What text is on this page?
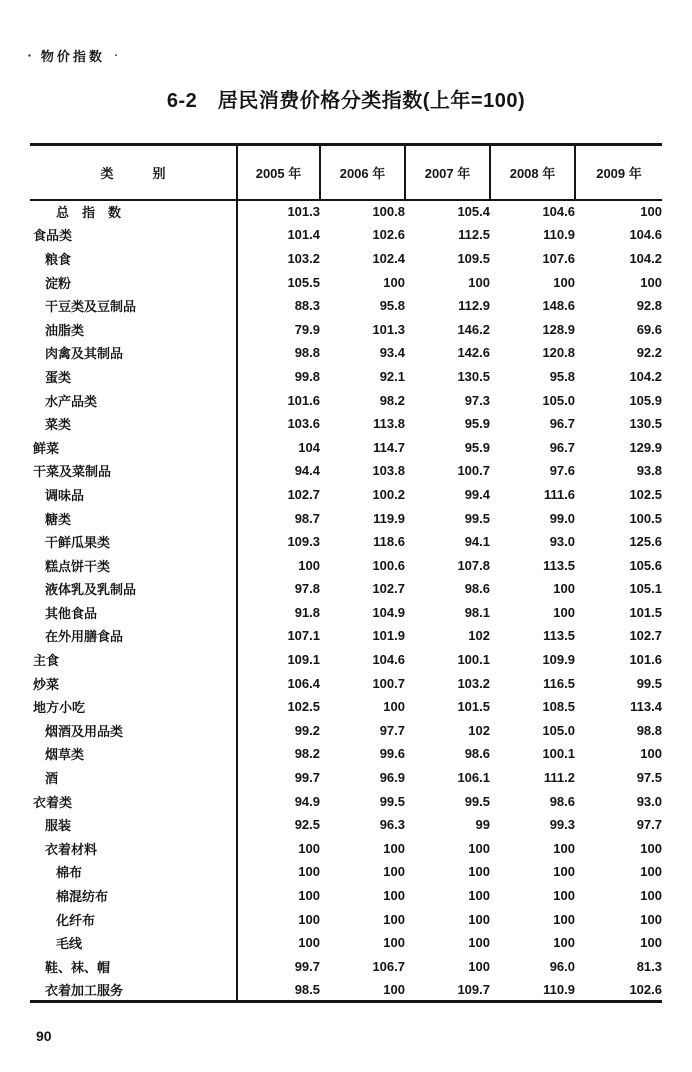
▪ 物价指数 ▪
6-2　居民消费价格分类指数(上年=100)
类　　　别	2005 年	2006 年	2007 年	2008 年	2009 年
总　指　数	101.3	100.8	105.4	104.6	100
食品类	101.4	102.6	112.5	110.9	104.6
粮食	103.2	102.4	109.5	107.6	104.2
淀粉	105.5	100	100	100	100
干豆类及豆制品	88.3	95.8	112.9	148.6	92.8
油脂类	79.9	101.3	146.2	128.9	69.6
肉禽及其制品	98.8	93.4	142.6	120.8	92.2
蛋类	99.8	92.1	130.5	95.8	104.2
水产品类	101.6	98.2	97.3	105.0	105.9
菜类	103.6	113.8	95.9	96.7	130.5
鲜菜	104	114.7	95.9	96.7	129.9
干菜及菜制品	94.4	103.8	100.7	97.6	93.8
调味品	102.7	100.2	99.4	111.6	102.5
糖类	98.7	119.9	99.5	99.0	100.5
干鲜瓜果类	109.3	118.6	94.1	93.0	125.6
糕点饼干类	100	100.6	107.8	113.5	105.6
液体乳及乳制品	97.8	102.7	98.6	100	105.1
其他食品	91.8	104.9	98.1	100	101.5
在外用膳食品	107.1	101.9	102	113.5	102.7
主食	109.1	104.6	100.1	109.9	101.6
炒菜	106.4	100.7	103.2	116.5	99.5
地方小吃	102.5	100	101.5	108.5	113.4
烟酒及用品类	99.2	97.7	102	105.0	98.8
烟草类	98.2	99.6	98.6	100.1	100
酒	99.7	96.9	106.1	111.2	97.5
衣着类	94.9	99.5	99.5	98.6	93.0
服装	92.5	96.3	99	99.3	97.7
衣着材料	100	100	100	100	100
棉布	100	100	100	100	100
棉混纺布	100	100	100	100	100
化纤布	100	100	100	100	100
毛线	100	100	100	100	100
鞋、袜、帽	99.7	106.7	100	96.0	81.3
衣着加工服务	98.5	100	109.7	110.9	102.6
90
